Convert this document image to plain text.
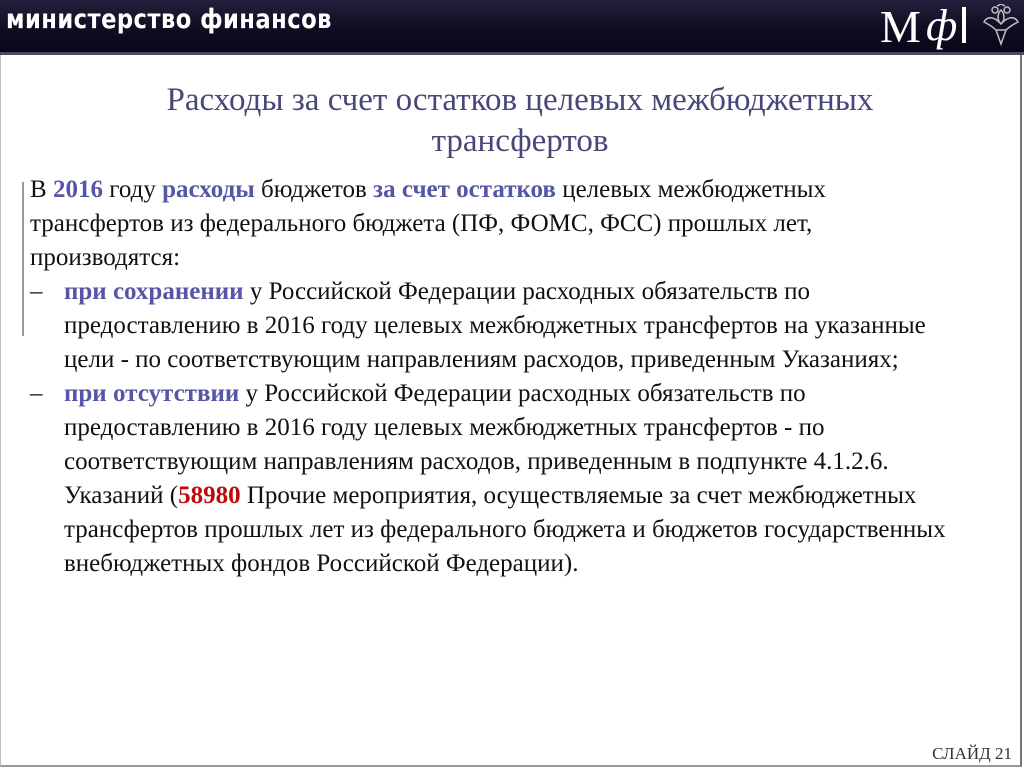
министерство финансов	М ф
Расходы за счет остатков целевых межбюджетных трансфертов
В 2016 году расходы бюджетов за счет остатков целевых межбюджетных трансфертов из федерального бюджета (ПФ, ФОМС, ФСС) прошлых лет, производятся:
– при сохранении у Российской Федерации расходных обязательств по предоставлению в 2016 году целевых межбюджетных трансфертов на указанные цели - по соответствующим направлениям расходов, приведенным Указаниях;
– при отсутствии у Российской Федерации расходных обязательств по предоставлению в 2016 году целевых межбюджетных трансфертов - по соответствующим направлениям расходов, приведенным в подпункте 4.1.2.6. Указаний (58980 Прочие мероприятия, осуществляемые за счет межбюджетных трансфертов прошлых лет из федерального бюджета и бюджетов государственных внебюджетных фондов Российской Федерации).
СЛАЙД 21
